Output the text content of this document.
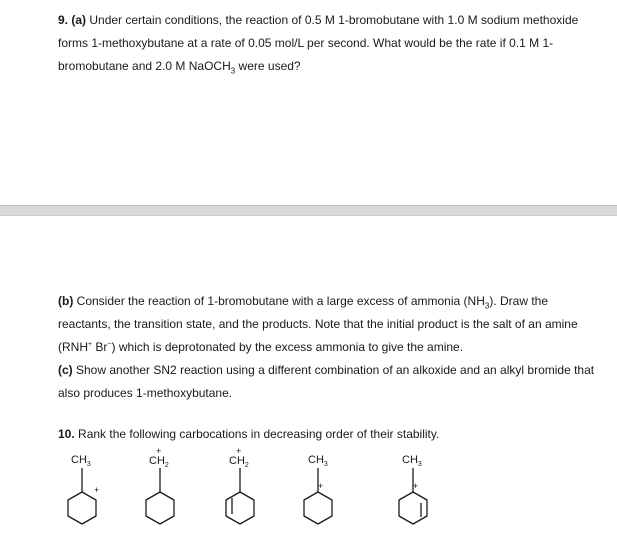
9. (a) Under certain conditions, the reaction of 0.5 M 1-bromobutane with 1.0 M sodium methoxide forms 1-methoxybutane at a rate of 0.05 mol/L per second. What would be the rate if 0.1 M 1-bromobutane and 2.0 M NaOCH$_3$ were used?

(b) Consider the reaction of 1-bromobutane with a large excess of ammonia $(NH_3)$. Draw the reactants, the transition state, and the products. Note that the initial product is the salt of an amine (RNH+ Br−) which is deprotonated by the excess ammonia to give the amine.
(c) Show another SN2 reaction using a different combination of an alkoxide and an alkyl bromide that also produces 1-methoxybutane.

10. Rank the following carbocations in decreasing order of their stability.

$CH_3$
+
+
$CH_2$
+
$CH_2$	$CH_3$
+
$CH_3$
+
